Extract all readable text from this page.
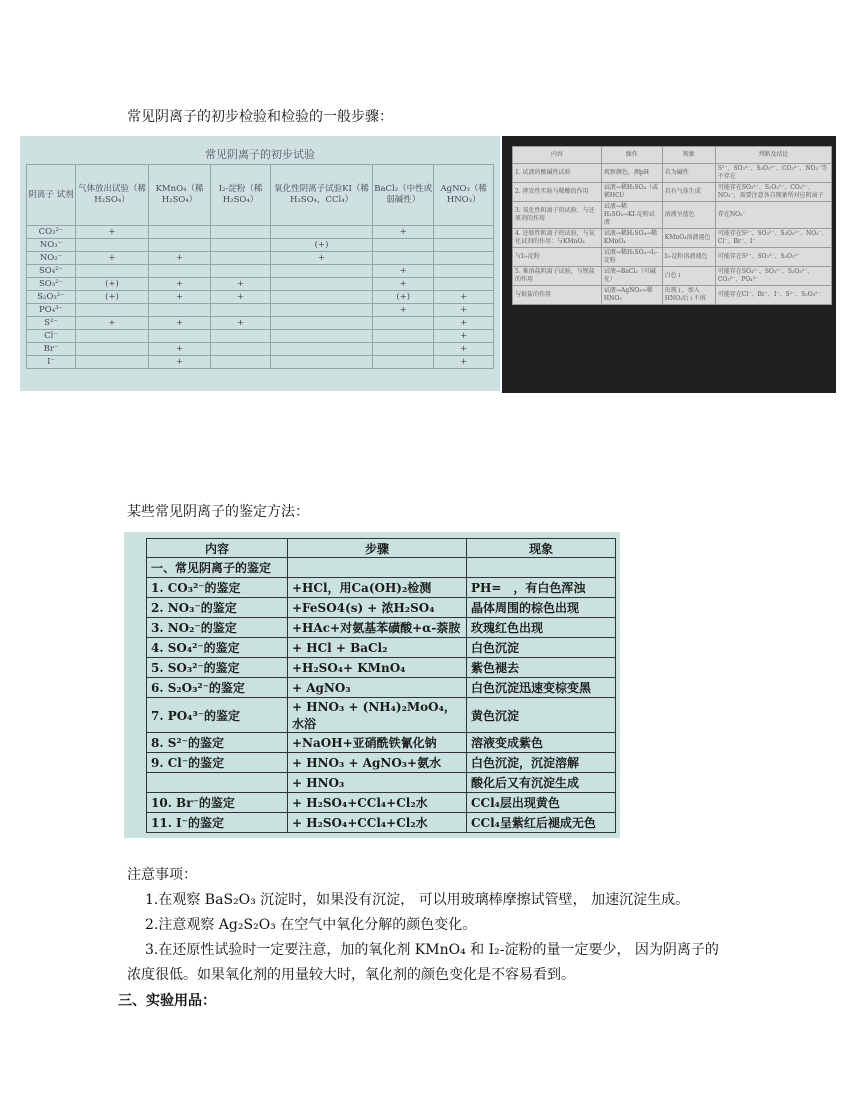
常见阴离子的初步检验和检验的一般步骤：
常见阴离子的初步试验
阴离子 试剂	气体放出试验（稀H₂SO₄）	KMnO₄（稀H₂SO₄）	I₂-淀粉（稀H₂SO₄）	氧化性阴离子试验KI（稀H₂SO₄，CCl₄）	BaCl₂（中性或弱碱性）	AgNO₃（稀HNO₃）
CO₃²⁻	+				+	
NO₃⁻				(+)		
NO₂⁻	+	+		+		
SO₄²⁻					+	
SO₃²⁻	(+)	+	+		+	
S₂O₃²⁻	(+)	+	+		(+)	+
PO₄³⁻					+	+
S²⁻	+	+	+			+
Cl⁻						+
Br⁻		+				+
I⁻		+				+
内容	操作	现象	判断及结论
1. 试液的酸碱性试验	观察颜色，测pH	若为碱性	S²⁻、SO₃²⁻、S₂O₃²⁻、CO₃²⁻、NO₂⁻等不存在
2. 挥发性实验与稀酸的作用	试液→稀H₂SO₄（或稀HCl）	若有气体生成	可能存在SO₃²⁻、S₂O₃²⁻、CO₃²⁻、NO₂⁻，需要注意各自现象所对应阴离子
3. 氧化性阴离子的试验，与还原剂的作用	试液→稀H₂SO₄→KI-淀粉试液	溶液呈蓝色	存在NO₂⁻
4. 还原性阴离子的试验，与氧化试剂的作用：与KMnO₄	试液→稀H₂SO₄→稀KMnO₄	KMnO₄溶液褪色	可能存在S²⁻、SO₃²⁻、S₂O₃²⁻、NO₂⁻、Cl⁻、Br⁻、I⁻
与I₂-淀粉	试液→稀H₂SO₄→I₂-淀粉	I₂-淀粉溶液褪色	可能存在S²⁻、SO₃²⁻、S₂O₃²⁻
5. 难溶盐阴离子试验，与钡盐的作用	试液→BaCl₂（可碱化）	白色↓	可能存在SO₄²⁻、SO₃²⁻、S₂O₃²⁻、CO₃²⁻、PO₄³⁻
与银盐的作用	试液→AgNO₃→稀HNO₃	出现↓，加入HNO₃后↓不溶	可能存在Cl⁻、Br⁻、I⁻、S²⁻、S₂O₃²⁻
某些常见阴离子的鉴定方法：
内容	步骤	现象
一、常见阴离子的鉴定		
1. CO₃²⁻的鉴定	+HCl，用Ca(OH)₂检测	PH=　，有白色浑浊
2. NO₃⁻的鉴定	+FeSO4(s) + 浓H₂SO₄	晶体周围的棕色出现
3. NO₂⁻的鉴定	+HAc+对氨基苯磺酸+α-萘胺	玫瑰红色出现
4. SO₄²⁻的鉴定	+ HCl + BaCl₂	白色沉淀
5. SO₃²⁻的鉴定	+H₂SO₄+ KMnO₄	紫色褪去
6. S₂O₃²⁻的鉴定	+ AgNO₃	白色沉淀迅速变棕变黑
7. PO₄³⁻的鉴定	+ HNO₃ + (NH₄)₂MoO₄，水浴	黄色沉淀
8. S²⁻的鉴定	+NaOH+亚硝酰铁氰化钠	溶液变成紫色
9. Cl⁻的鉴定	+ HNO₃ + AgNO₃+氨水	白色沉淀，沉淀溶解
	+ HNO₃	酸化后又有沉淀生成
10. Br⁻的鉴定	+ H₂SO₄+CCl₄+Cl₂水	CCl₄层出现黄色
11. I⁻的鉴定	+ H₂SO₄+CCl₄+Cl₂水	CCl₄呈紫红后褪成无色
注意事项：
1.在观察 BaS₂O₃ 沉淀时，如果没有沉淀， 可以用玻璃棒摩擦试管壁， 加速沉淀生成。
2.注意观察 Ag₂S₂O₃ 在空气中氧化分解的颜色变化。
3.在还原性试验时一定要注意，加的氧化剂 KMnO₄ 和 I₂-淀粉的量一定要少， 因为阴离子的
浓度很低。如果氧化剂的用量较大时，氧化剂的颜色变化是不容易看到。
三、实验用品：
